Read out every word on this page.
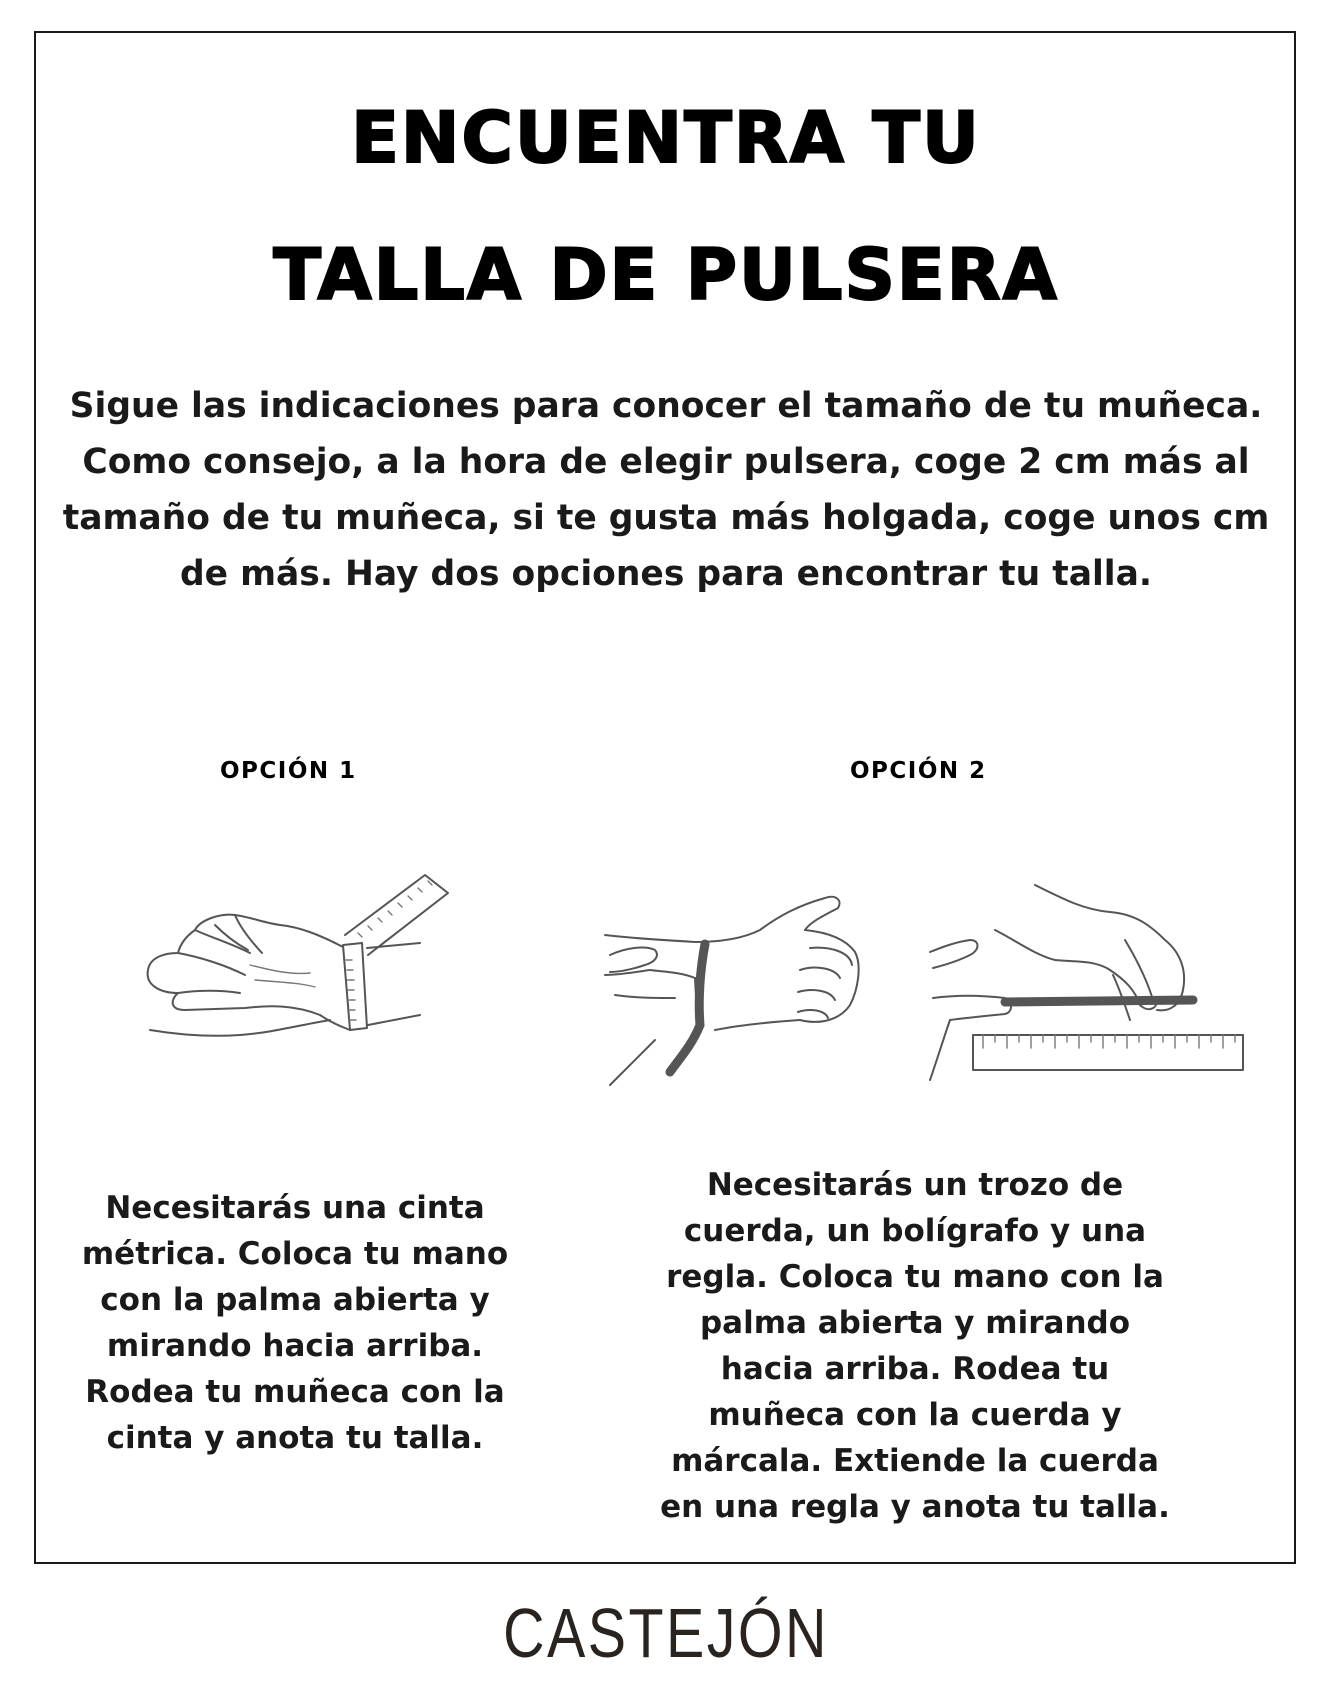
ENCUENTRA TU
TALLA DE PULSERA

Sigue las indicaciones para conocer el tamaño de tu muñeca. Como consejo, a la hora de elegir pulsera, coge 2 cm más al tamaño de tu muñeca, si te gusta más holgada, coge unos cm de más. Hay dos opciones para encontrar tu talla.

OPCIÓN 1	OPCIÓN 2

Necesitarás una cinta métrica. Coloca tu mano con la palma abierta y mirando hacia arriba. Rodea tu muñeca con la cinta y anota tu talla.

Necesitarás un trozo de cuerda, un bolígrafo y una regla. Coloca tu mano con la palma abierta y mirando hacia arriba. Rodea tu muñeca con la cuerda y márcala. Extiende la cuerda en una regla y anota tu talla.

CASTEJÓN
